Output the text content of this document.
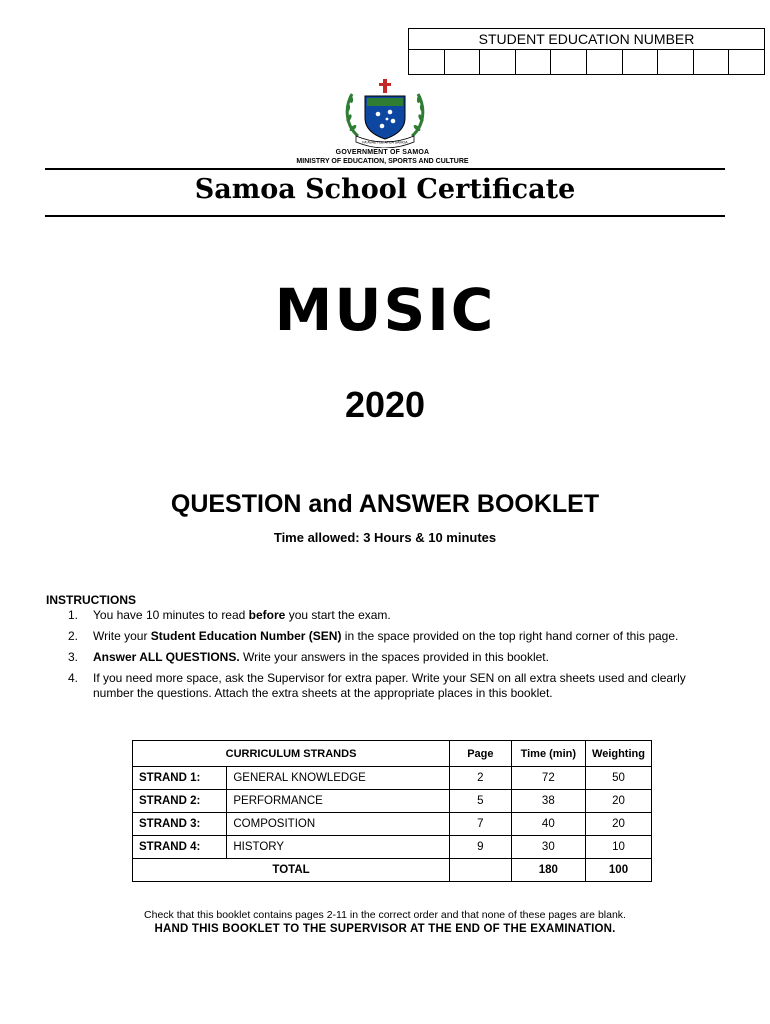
STUDENT EDUCATION NUMBER
FA'AVAE I LE ATUA SAMOA
GOVERNMENT OF SAMOA
MINISTRY OF EDUCATION, SPORTS AND CULTURE
Samoa School Certificate
MUSIC
2020
QUESTION and ANSWER BOOKLET
Time allowed: 3 Hours & 10 minutes
INSTRUCTIONS
1. You have 10 minutes to read before you start the exam.
2. Write your Student Education Number (SEN) in the space provided on the top right hand corner of this page.
3. Answer ALL QUESTIONS. Write your answers in the spaces provided in this booklet.
4. If you need more space, ask the Supervisor for extra paper. Write your SEN on all extra sheets used and clearly number the questions. Attach the extra sheets at the appropriate places in this booklet.
CURRICULUM STRANDS		Page	Time (min)	Weighting
STRAND 1:	GENERAL KNOWLEDGE	2	72	50
STRAND 2:	PERFORMANCE	5	38	20
STRAND 3:	COMPOSITION	7	40	20
STRAND 4:	HISTORY	9	30	10
TOTAL			180	100
Check that this booklet contains pages 2-11 in the correct order and that none of these pages are blank.
HAND THIS BOOKLET TO THE SUPERVISOR AT THE END OF THE EXAMINATION.
